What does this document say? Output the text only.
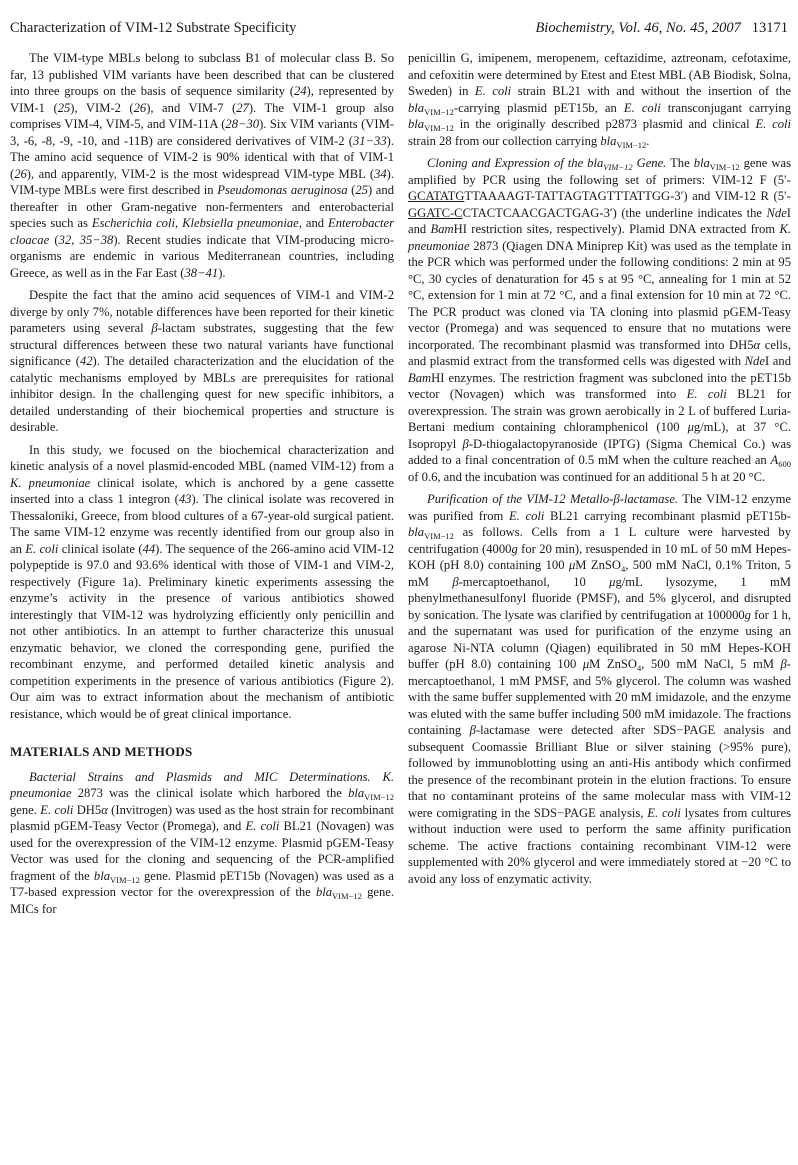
Characterization of VIM-12 Substrate Specificity	Biochemistry, Vol. 46, No. 45, 2007 13171

The VIM-type MBLs belong to subclass B1 of molecular class B. So far, 13 published VIM variants have been described that can be clustered into three groups on the basis of sequence similarity (24), represented by VIM-1 (25), VIM-2 (26), and VIM-7 (27). The VIM-1 group also comprises VIM-4, VIM-5, and VIM-11A (28−30). Six VIM variants (VIM-3, -6, -8, -9, -10, and -11B) are considered derivatives of VIM-2 (31−33). The amino acid sequence of VIM-2 is 90% identical with that of VIM-1 (26), and apparently, VIM-2 is the most widespread VIM-type MBL (34). VIM-type MBLs were first described in Pseudomonas aeruginosa (25) and thereafter in other Gram-negative non-fermenters and enterobacterial species such as Escherichia coli, Klebsiella pneumoniae, and Enterobacter cloacae (32, 35−38). Recent studies indicate that VIM-producing micro-organisms are endemic in various Mediterranean countries, including Greece, as well as in the Far East (38−41).

Despite the fact that the amino acid sequences of VIM-1 and VIM-2 diverge by only 7%, notable differences have been reported for their kinetic parameters using several β-lactam substrates, suggesting that the few structural differences between these two natural variants have functional significance (42). The detailed characterization and the elucidation of the catalytic mechanisms employed by MBLs are prerequisites for rational inhibitor design. In the challenging quest for new specific inhibitors, a detailed understanding of their biochemical properties and structure is desirable.

In this study, we focused on the biochemical characterization and kinetic analysis of a novel plasmid-encoded MBL (named VIM-12) from a K. pneumoniae clinical isolate, which is anchored by a gene cassette inserted into a class 1 integron (43). The clinical isolate was recovered in Thessaloniki, Greece, from blood cultures of a 67-year-old surgical patient. The same VIM-12 enzyme was recently identified from our group also in an E. coli clinical isolate (44). The sequence of the 266-amino acid VIM-12 polypeptide is 97.0 and 93.6% identical with those of VIM-1 and VIM-2, respectively (Figure 1a). Preliminary kinetic experiments assessing the enzyme’s activity in the presence of various antibiotics showed interestingly that VIM-12 was hydrolyzing efficiently only penicillin and not other antibiotics. In an attempt to further characterize this unusual enzymatic behavior, we cloned the corresponding gene, purified the recombinant enzyme, and performed detailed kinetic analysis and competition experiments in the presence of various antibiotics (Figure 2). Our aim was to extract information about the mechanism of antibiotic resistance, which would be of great clinical importance.

MATERIALS AND METHODS

Bacterial Strains and Plasmids and MIC Determinations. K. pneumoniae 2873 was the clinical isolate which harbored the bla$_{VIM-12}$ gene. E. coli DH5α (Invitrogen) was used as the host strain for recombinant plasmid pGEM-Teasy Vector (Promega), and E. coli BL21 (Novagen) was used for the overexpression of the VIM-12 enzyme. Plasmid pGEM-Teasy Vector was used for the cloning and sequencing of the PCR-amplified fragment of the bla$_{VIM-12}$ gene. Plasmid pET15b (Novagen) was used as a T7-based expression vector for the overexpression of the bla$_{VIM-12}$ gene. MICs for

penicillin G, imipenem, meropenem, ceftazidime, aztreonam, cefotaxime, and cefoxitin were determined by Etest and Etest MBL (AB Biodisk, Solna, Sweden) in E. coli strain BL21 with and without the insertion of the bla$_{VIM-12}$-carrying plasmid pET15b, an E. coli transconjugant carrying bla$_{VIM-12}$ in the originally described p2873 plasmid and clinical E. coli strain 28 from our collection carrying bla$_{VIM-12}$.

Cloning and Expression of the bla$_{VIM-12}$ Gene. The bla$_{VIM-12}$ gene was amplified by PCR using the following set of primers: VIM-12 F (5′-GCATATGTTAAAAGT-TATTAGTAGTTTATTGG-3′) and VIM-12 R (5′-GGATC-CCTACTCAACGACTGAG-3′) (the underline indicates the NdeI and BamHI restriction sites, respectively). Plamid DNA extracted from K. pneumoniae 2873 (Qiagen DNA Miniprep Kit) was used as the template in the PCR which was performed under the following conditions: 2 min at 95 °C, 30 cycles of denaturation for 45 s at 95 °C, annealing for 1 min at 52 °C, extension for 1 min at 72 °C, and a final extension for 10 min at 72 °C. The PCR product was cloned via TA cloning into plasmid pGEM-Teasy vector (Promega) and was sequenced to ensure that no mutations were incorporated. The recombinant plasmid was transformed into DH5α cells, and plasmid extract from the transformed cells was digested with NdeI and BamHI enzymes. The restriction fragment was subcloned into the pET15b vector (Novagen) which was transformed into E. coli BL21 for overexpression. The strain was grown aerobically in 2 L of buffered Luria-Bertani medium containing chloramphenicol (100 μg/mL), at 37 °C. Isopropyl β-D-thiogalactopyranoside (IPTG) (Sigma Chemical Co.) was added to a final concentration of 0.5 mM when the culture reached an $A_{600}$ of 0.6, and the incubation was continued for an additional 5 h at 20 °C.

Purification of the VIM-12 Metallo-β-lactamase. The VIM-12 enzyme was purified from E. coli BL21 carrying recombinant plasmid pET15b-bla$_{VIM-12}$ as follows. Cells from a 1 L culture were harvested by centrifugation (4000g for 20 min), resuspended in 10 mL of 50 mM Hepes-KOH (pH 8.0) containing 100 μM ZnSO$_4$, 500 mM NaCl, 0.1% Triton, 5 mM β-mercaptoethanol, 10 μg/mL lysozyme, 1 mM phenylmethanesulfonyl fluoride (PMSF), and 5% glycerol, and disrupted by sonication. The lysate was clarified by centrifugation at 100000g for 1 h, and the supernatant was used for purification of the enzyme using an agarose Ni-NTA column (Qiagen) equilibrated in 50 mM Hepes-KOH buffer (pH 8.0) containing 100 μM ZnSO$_4$, 500 mM NaCl, 5 mM β-mercaptoethanol, 1 mM PMSF, and 5% glycerol. The column was washed with the same buffer supplemented with 20 mM imidazole, and the enzyme was eluted with the same buffer including 500 mM imidazole. The fractions containing β-lactamase were detected after SDS−PAGE analysis and subsequent Coomassie Brilliant Blue or silver staining (>95% pure), followed by immunoblotting using an anti-His antibody which confirmed the presence of the recombinant protein in the elution fractions. To ensure that no contaminant proteins of the same molecular mass with VIM-12 were comigrating in the SDS−PAGE analysis, E. coli lysates from cultures without induction were used to perform the same affinity purification scheme. The active fractions containing recombinant VIM-12 were supplemented with 20% glycerol and were immediately stored at −20 °C to avoid any loss of enzymatic activity.
